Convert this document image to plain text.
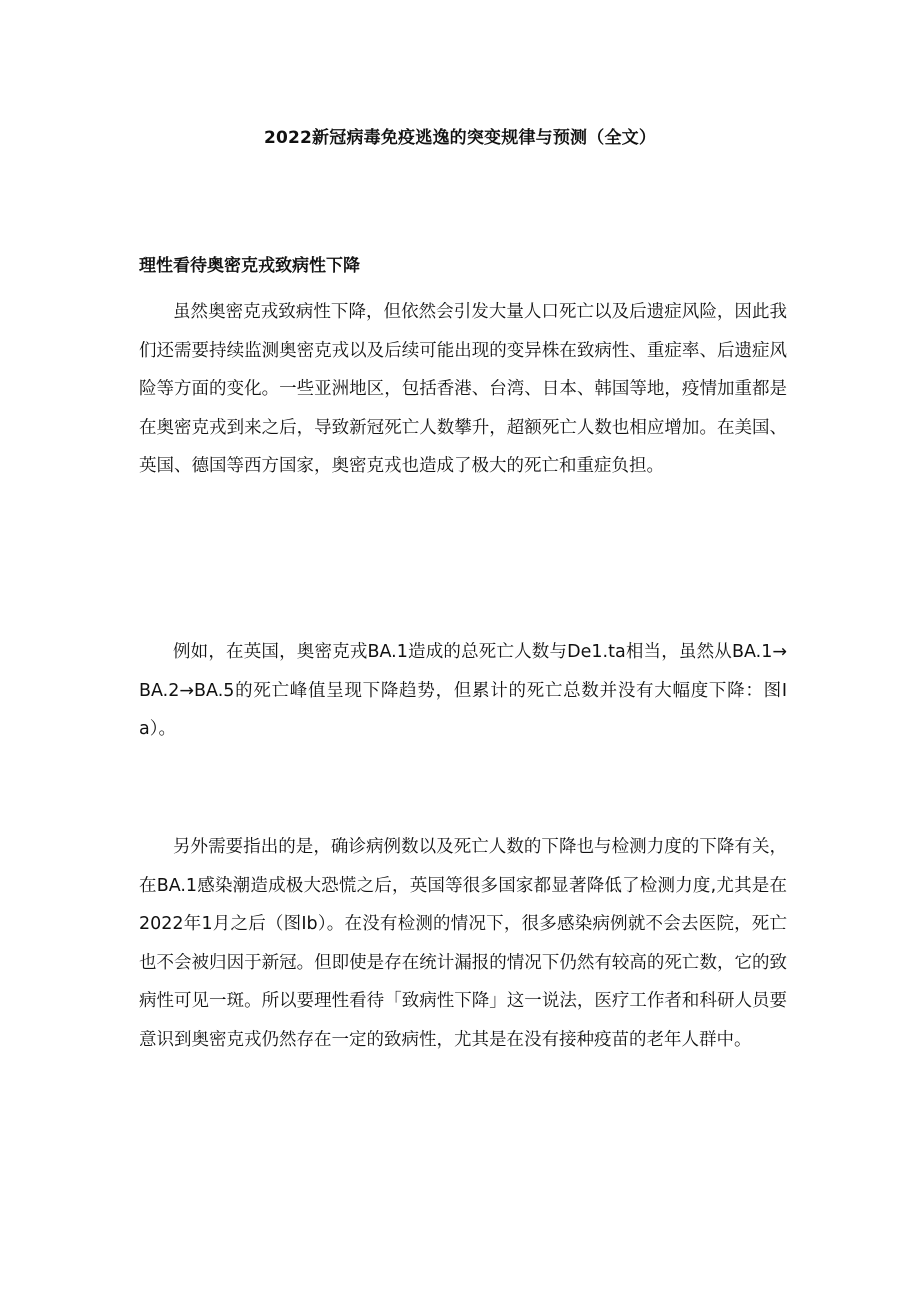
2022新冠病毒免疫逃逸的突变规律与预测（全文）
理性看待奥密克戎致病性下降

虽然奥密克戎致病性下降，但依然会引发大量人口死亡以及后遗症风险，因此我们还需要持续监测奥密克戎以及后续可能出现的变异株在致病性、重症率、后遗症风险等方面的变化。一些亚洲地区，包括香港、台湾、日本、韩国等地，疫情加重都是在奥密克戎到来之后，导致新冠死亡人数攀升，超额死亡人数也相应增加。在美国、英国、德国等西方国家，奥密克戎也造成了极大的死亡和重症负担。

例如，在英国，奥密克戎BA.1造成的总死亡人数与De1.ta相当，虽然从BA.1→BA.2→BA.5的死亡峰值呈现下降趋势，但累计的死亡总数并没有大幅度下降：图Ia）。

另外需要指出的是，确诊病例数以及死亡人数的下降也与检测力度的下降有关，在BA.1感染潮造成极大恐慌之后，英国等很多国家都显著降低了检测力度,尤其是在2022年1月之后（图Ib）。在没有检测的情况下，很多感染病例就不会去医院，死亡也不会被归因于新冠。但即使是存在统计漏报的情况下仍然有较高的死亡数，它的致病性可见一斑。所以要理性看待「致病性下降」这一说法，医疗工作者和科研人员要意识到奥密克戎仍然存在一定的致病性，尤其是在没有接种疫苗的老年人群中。
